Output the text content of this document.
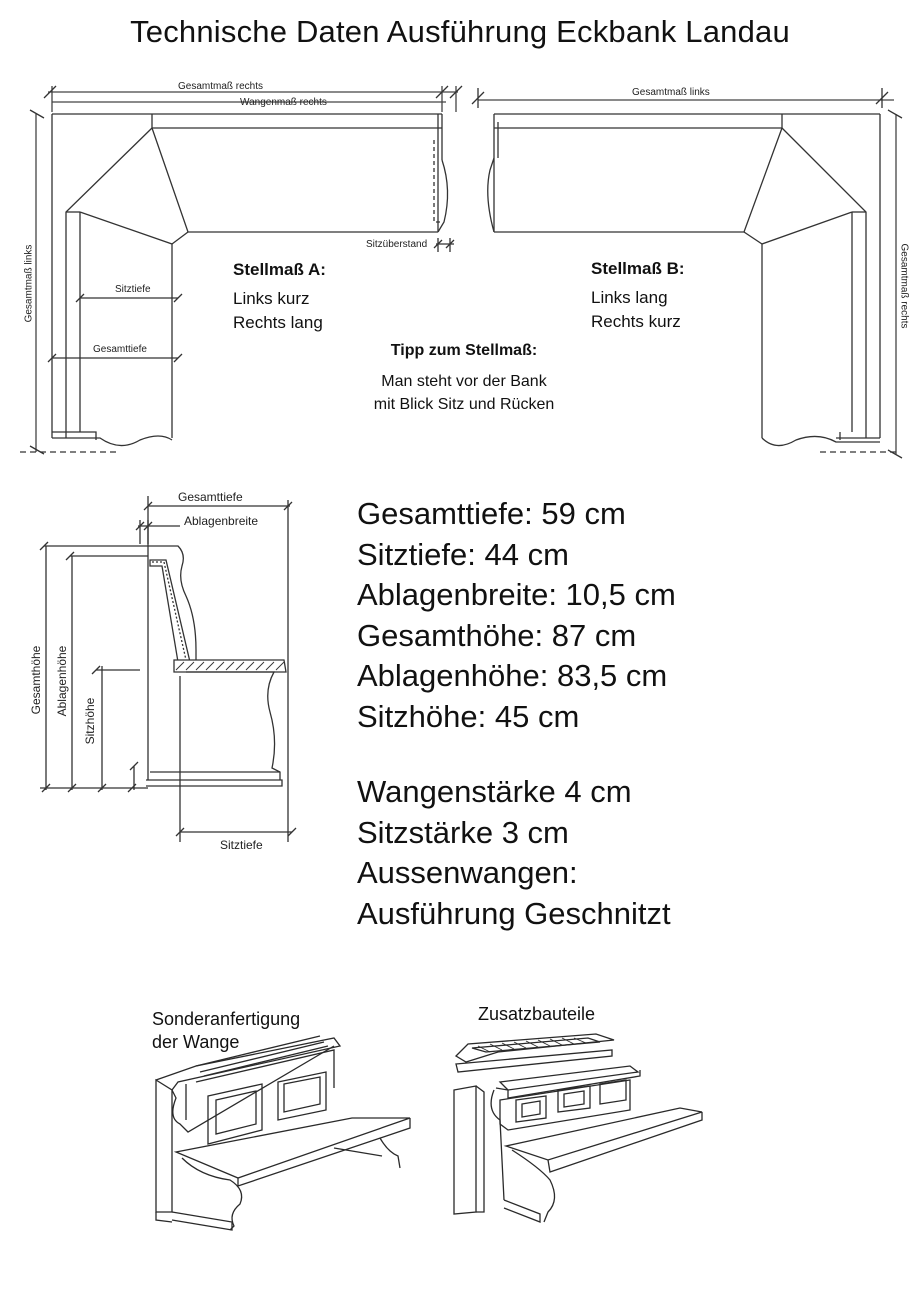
Technische Daten Ausführung Eckbank Landau
Gesamtmaß rechts
Wangenmaß rechts
Gesamtmaß links
Gesamtmaß links	Gesamtmaß rechts
Sitzüberstand
Sitztiefe
Gesamttiefe
Stellmaß A:
Links kurz
Rechts lang
Stellmaß B:
Links lang
Rechts kurz
Tipp zum Stellmaß:
Man steht vor der Bank
mit Blick Sitz und Rücken
Gesamttiefe
Ablagenbreite
Gesamthöhe Ablagenhöhe
Sitzhöhe
Sitztiefe
Gesamttiefe: 59 cm
Sitztiefe: 44 cm
Ablagenbreite: 10,5 cm
Gesamthöhe: 87 cm
Ablagenhöhe: 83,5 cm
Sitzhöhe: 45 cm
Wangenstärke 4 cm
Sitzstärke 3 cm
Aussenwangen:
Ausführung Geschnitzt
Sonderanfertigung
der Wange
Zusatzbauteile
